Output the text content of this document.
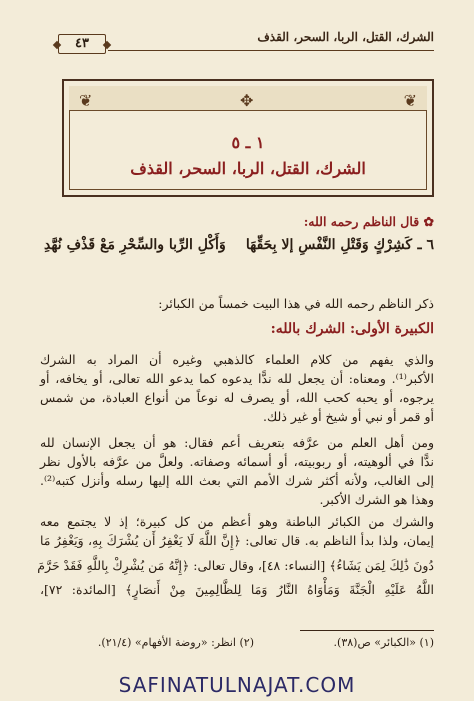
الشرك، القتل، الربا، السحر، القذف
٤٣
❦
✥
❦
١ ـ ٥
الشرك، القتل، الربا، السحر، القذف
✿ قال الناظم رحمه الله:
٦ ـ
كَشِرْكٍ وَقَتْلِ النَّفْسِ إلا بِحَقِّهَا
وَأَكْلِ الرِّبا والسِّحْرِ مَعْ قَذْفِ نُهَّدِ
ذكر الناظم رحمه الله في هذا البيت خمساً من الكبائر:
الكبيرة الأولى: الشرك بالله:
والذي يفهم من كلام العلماء كالذهبي وغيره أن المراد به الشرك
الأكبر⁽¹⁾. ومعناه: أن يجعل لله ندًّا يدعوه كما يدعو الله تعالى، أو يخافه، أو
يرجوه، أو يحبه كحب الله، أو يصرف له نوعاً من أنواع العبادة، من شمس
أو قمر أو نبي أو شيخ أو غير ذلك.
ومن أهل العلم من عرَّفه بتعريف أعم فقال: هو أن يجعل الإنسان لله
ندًّا في ألوهيته، أو ربوبيته، أو أسمائه وصفاته. ولعلَّ من عرَّفه بالأول نظر
إلى الغالب، ولأنه أكثر شرك الأمم التي بعث الله إليها رسله وأنزل كتبه⁽²⁾.
وهذا هو الشرك الأكبر.
والشرك من الكبائر الباطنة وهو أعظم من كل كبيرة؛ إذ لا يجتمع معه
إيمان، ولذا بدأ الناظم به. قال تعالى: ﴿إِنَّ اللَّهَ لَا يَغْفِرُ أَن يُشْرَكَ بِهِ، وَيَغْفِرُ مَا
دُونَ ذَٰلِكَ لِمَن يَشَاءُ﴾ [النساء: ٤٨]، وقال تعالى: ﴿إِنَّهُ مَن يُشْرِكْ بِاللَّهِ فَقَدْ حَرَّمَ
اللَّهُ عَلَيْهِ الْجَنَّةَ وَمَأْوَاهُ النَّارُ وَمَا لِلظَّالِمِينَ مِنْ أَنصَارٍ﴾ [المائدة: ٧٢]،
(١) «الكبائر» ص(٣٨).
(٢) انظر: «روضة الأفهام» (٢١/٤).
SAFINATULNAJAT.COM
